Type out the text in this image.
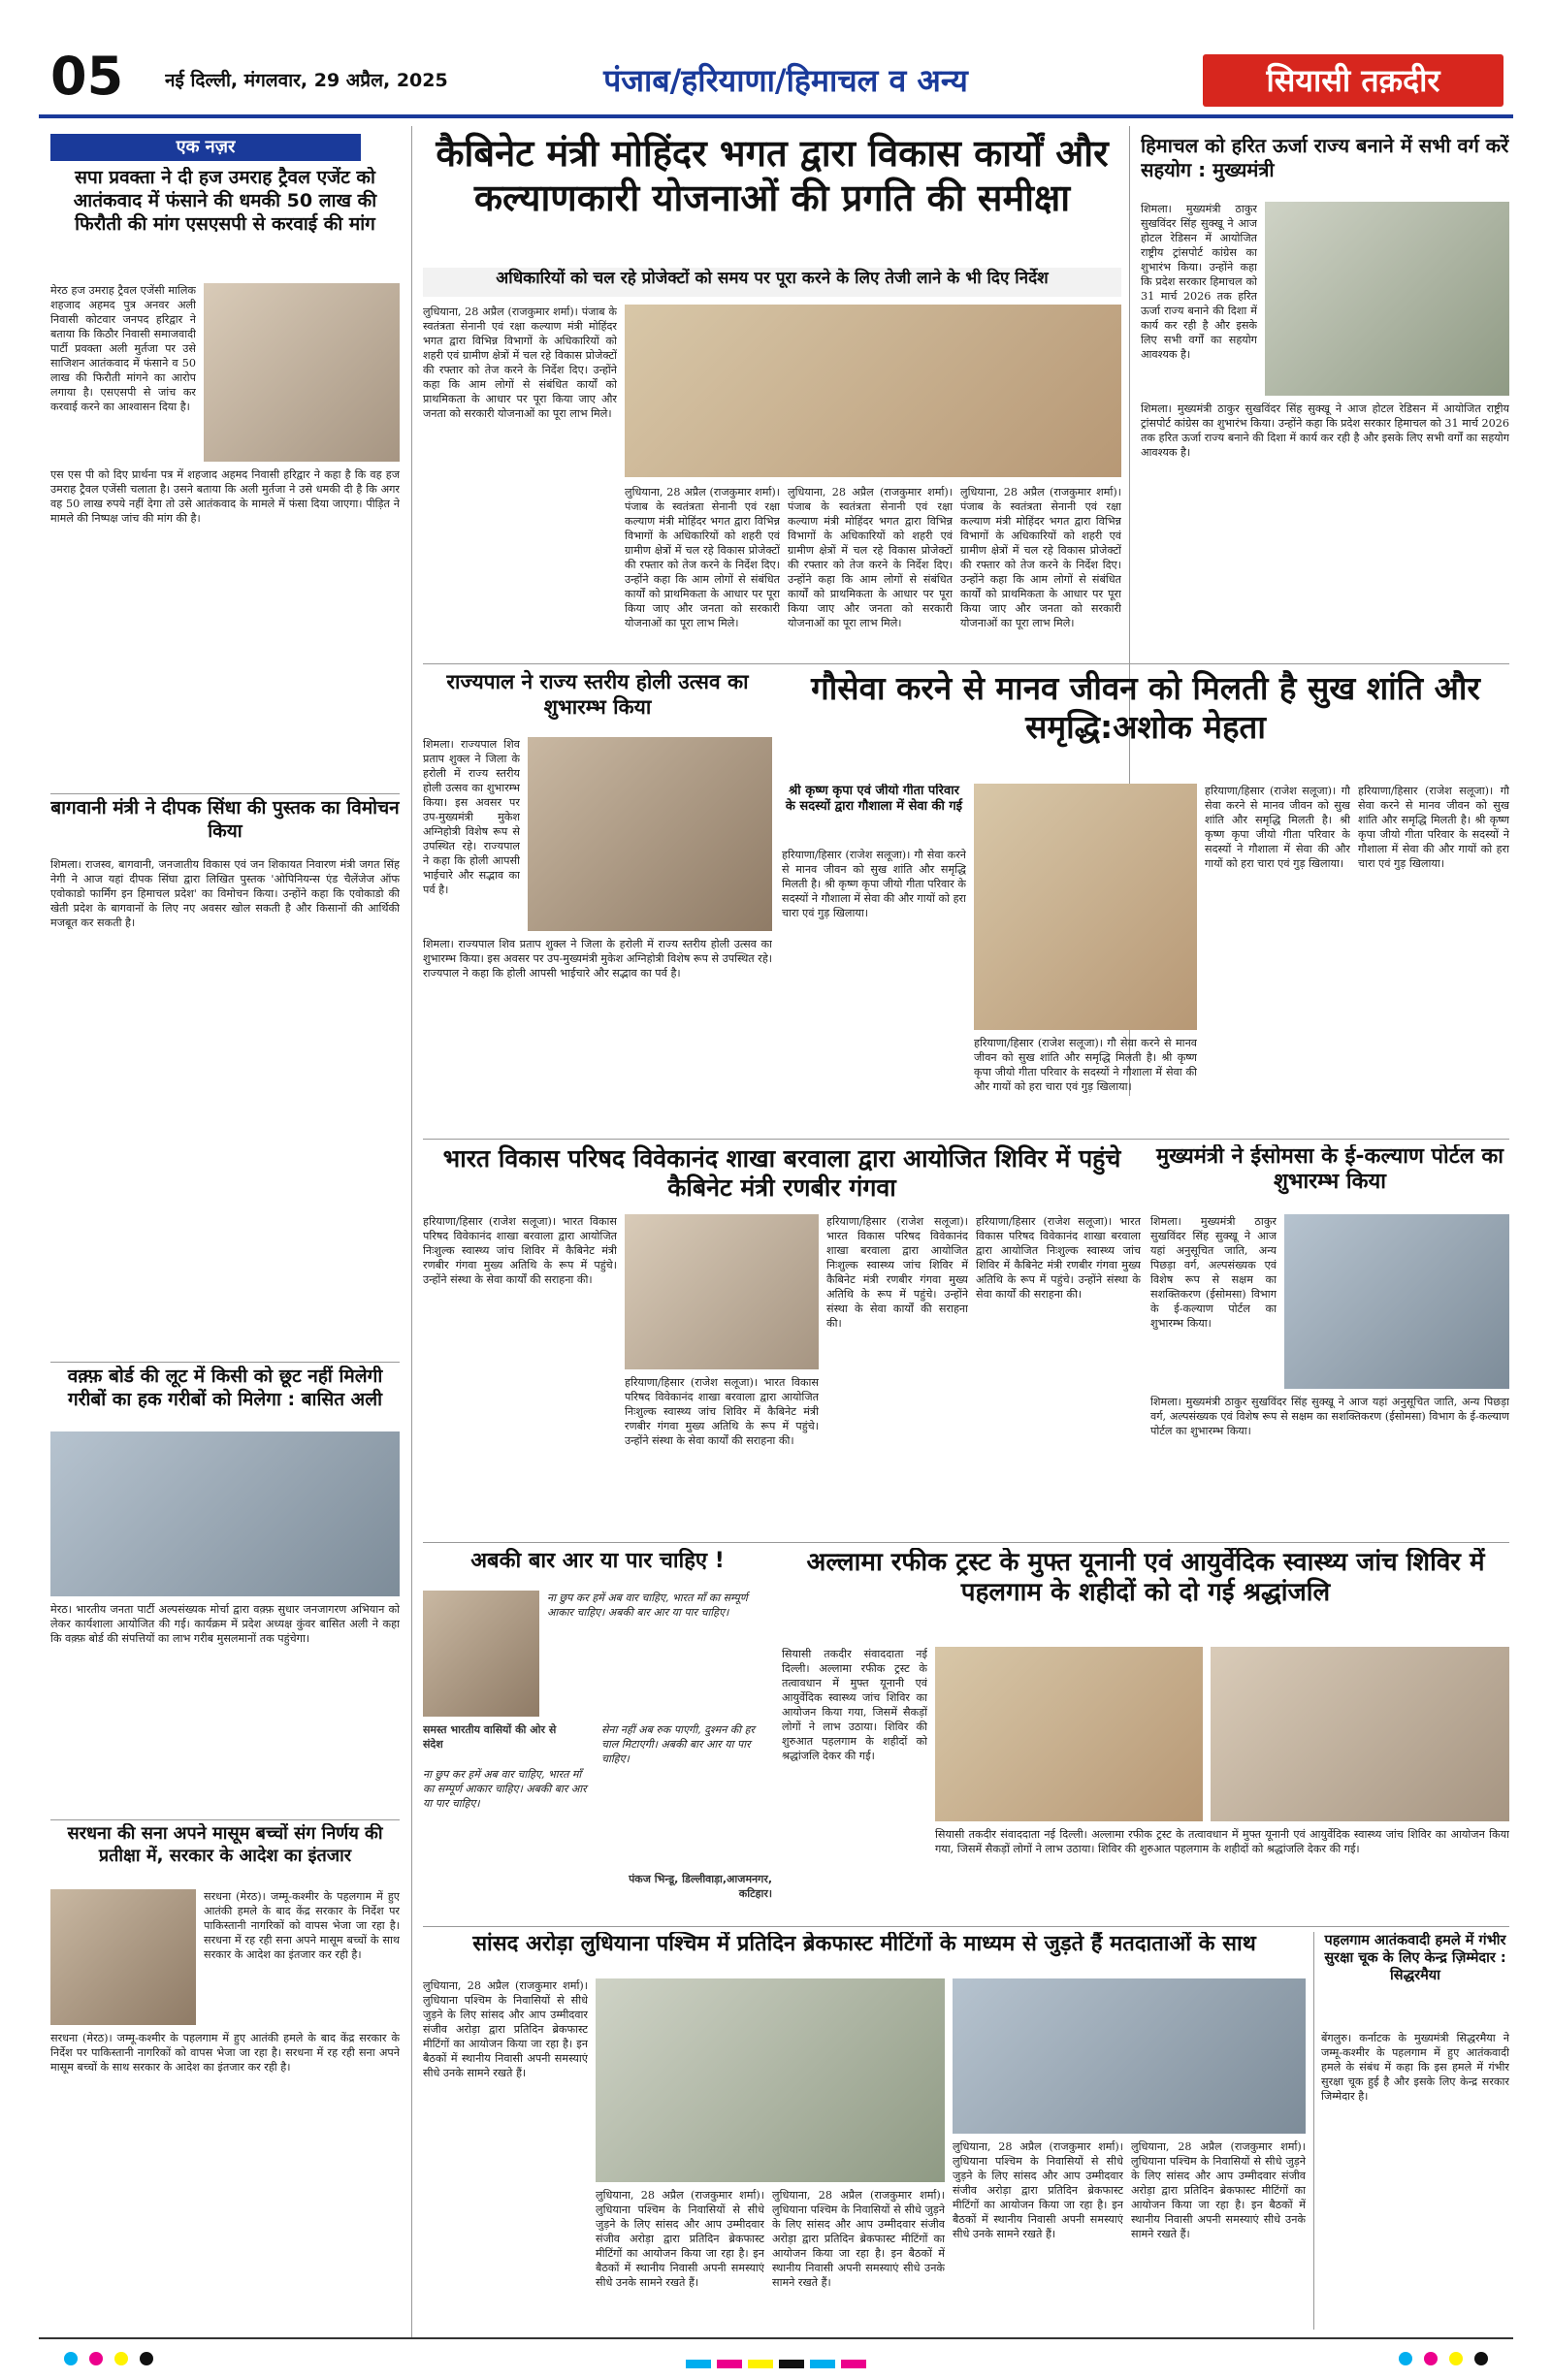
05	नई दिल्ली, मंगलवार, 29 अप्रैल, 2025	पंजाब/हरियाणा/हिमाचल व अन्य	सियासी तक़दीर
एक नज़र
सपा प्रवक्ता ने दी हज उमराह ट्रैवल एजेंट को आतंकवाद में फंसाने की धमकी 50 लाख की फिरौती की मांग एसएसपी से करवाई की मांग
मेरठ हज उमराह ट्रैवल एजेंसी मालिक शहजाद अहमद पुत्र अनवर अली निवासी कोटवार जनपद हरिद्वार ने बताया कि किठौर निवासी समाजवादी पार्टी प्रवक्ता अली मुर्तजा पर उसे साजिशन आतंकवाद में फंसाने व 50 लाख की फिरौती मांगने का आरोप लगाया है। एसएसपी से जांच कर करवाई करने का आश्वासन दिया है।
एस एस पी को दिए प्रार्थना पत्र में शहजाद अहमद निवासी हरिद्वार ने कहा है कि वह हज उमराह ट्रैवल एजेंसी चलाता है। उसने बताया कि अली मुर्तजा ने उसे धमकी दी है कि अगर वह 50 लाख रुपये नहीं देगा तो उसे आतंकवाद के मामले में फंसा दिया जाएगा। पीड़ित ने मामले की निष्पक्ष जांच की मांग की है।
बागवानी मंत्री ने दीपक सिंधा की पुस्तक का विमोचन किया
शिमला। राजस्व, बागवानी, जनजातीय विकास एवं जन शिकायत निवारण मंत्री जगत सिंह नेगी ने आज यहां दीपक सिंघा द्वारा लिखित पुस्तक 'ओपिनियन्स एंड चैलेंजेज ऑफ एवोकाडो फार्मिंग इन हिमाचल प्रदेश' का विमोचन किया। उन्होंने कहा कि एवोकाडो की खेती प्रदेश के बागवानों के लिए नए अवसर खोल सकती है और किसानों की आर्थिकी मजबूत कर सकती है।
वक़्फ़ बोर्ड की लूट में किसी को छूट नहीं मिलेगी गरीबों का हक गरीबों को मिलेगा : बासित अली
मेरठ। भारतीय जनता पार्टी अल्पसंख्यक मोर्चा द्वारा वक़्फ़ सुधार जनजागरण अभियान को लेकर कार्यशाला आयोजित की गई। कार्यक्रम में प्रदेश अध्यक्ष कुंवर बासित अली ने कहा कि वक़्फ़ बोर्ड की संपत्तियों का लाभ गरीब मुसलमानों तक पहुंचेगा।
सरधना की सना अपने मासूम बच्चों संग निर्णय की प्रतीक्षा में, सरकार के आदेश का इंतजार
सरधना (मेरठ)। जम्मू-कश्मीर के पहलगाम में हुए आतंकी हमले के बाद केंद्र सरकार के निर्देश पर पाकिस्तानी नागरिकों को वापस भेजा जा रहा है। सरधना में रह रही सना अपने मासूम बच्चों के साथ सरकार के आदेश का इंतजार कर रही है।
सरधना (मेरठ)। जम्मू-कश्मीर के पहलगाम में हुए आतंकी हमले के बाद केंद्र सरकार के निर्देश पर पाकिस्तानी नागरिकों को वापस भेजा जा रहा है। सरधना में रह रही सना अपने मासूम बच्चों के साथ सरकार के आदेश का इंतजार कर रही है।
कैबिनेट मंत्री मोहिंदर भगत द्वारा विकास कार्यों और कल्याणकारी योजनाओं की प्रगति की समीक्षा
अधिकारियों को चल रहे प्रोजेक्टों को समय पर पूरा करने के लिए तेजी लाने के भी दिए निर्देश
लुधियाना, 28 अप्रैल (राजकुमार शर्मा)। पंजाब के स्वतंत्रता सेनानी एवं रक्षा कल्याण मंत्री मोहिंदर भगत द्वारा विभिन्न विभागों के अधिकारियों को शहरी एवं ग्रामीण क्षेत्रों में चल रहे विकास प्रोजेक्टों की रफ्तार को तेज करने के निर्देश दिए। उन्होंने कहा कि आम लोगों से संबंधित कार्यों को प्राथमिकता के आधार पर पूरा किया जाए और जनता को सरकारी योजनाओं का पूरा लाभ मिले।
लुधियाना, 28 अप्रैल (राजकुमार शर्मा)। पंजाब के स्वतंत्रता सेनानी एवं रक्षा कल्याण मंत्री मोहिंदर भगत द्वारा विभिन्न विभागों के अधिकारियों को शहरी एवं ग्रामीण क्षेत्रों में चल रहे विकास प्रोजेक्टों की रफ्तार को तेज करने के निर्देश दिए। उन्होंने कहा कि आम लोगों से संबंधित कार्यों को प्राथमिकता के आधार पर पूरा किया जाए और जनता को सरकारी योजनाओं का पूरा लाभ मिले।
लुधियाना, 28 अप्रैल (राजकुमार शर्मा)। पंजाब के स्वतंत्रता सेनानी एवं रक्षा कल्याण मंत्री मोहिंदर भगत द्वारा विभिन्न विभागों के अधिकारियों को शहरी एवं ग्रामीण क्षेत्रों में चल रहे विकास प्रोजेक्टों की रफ्तार को तेज करने के निर्देश दिए। उन्होंने कहा कि आम लोगों से संबंधित कार्यों को प्राथमिकता के आधार पर पूरा किया जाए और जनता को सरकारी योजनाओं का पूरा लाभ मिले।
लुधियाना, 28 अप्रैल (राजकुमार शर्मा)। पंजाब के स्वतंत्रता सेनानी एवं रक्षा कल्याण मंत्री मोहिंदर भगत द्वारा विभिन्न विभागों के अधिकारियों को शहरी एवं ग्रामीण क्षेत्रों में चल रहे विकास प्रोजेक्टों की रफ्तार को तेज करने के निर्देश दिए। उन्होंने कहा कि आम लोगों से संबंधित कार्यों को प्राथमिकता के आधार पर पूरा किया जाए और जनता को सरकारी योजनाओं का पूरा लाभ मिले।
हिमाचल को हरित ऊर्जा राज्य बनाने में सभी वर्ग करें सहयोग : मुख्यमंत्री
शिमला। मुख्यमंत्री ठाकुर सुखविंदर सिंह सुक्खू ने आज होटल रेडिसन में आयोजित राष्ट्रीय ट्रांसपोर्ट कांग्रेस का शुभारंभ किया। उन्होंने कहा कि प्रदेश सरकार हिमाचल को 31 मार्च 2026 तक हरित ऊर्जा राज्य बनाने की दिशा में कार्य कर रही है और इसके लिए सभी वर्गों का सहयोग आवश्यक है।
शिमला। मुख्यमंत्री ठाकुर सुखविंदर सिंह सुक्खू ने आज होटल रेडिसन में आयोजित राष्ट्रीय ट्रांसपोर्ट कांग्रेस का शुभारंभ किया। उन्होंने कहा कि प्रदेश सरकार हिमाचल को 31 मार्च 2026 तक हरित ऊर्जा राज्य बनाने की दिशा में कार्य कर रही है और इसके लिए सभी वर्गों का सहयोग आवश्यक है।
राज्यपाल ने राज्य स्तरीय होली उत्सव का शुभारम्भ किया
शिमला। राज्यपाल शिव प्रताप शुक्ल ने जिला के हरोली में राज्य स्तरीय होली उत्सव का शुभारम्भ किया। इस अवसर पर उप-मुख्यमंत्री मुकेश अग्निहोत्री विशेष रूप से उपस्थित रहे। राज्यपाल ने कहा कि होली आपसी भाईचारे और सद्भाव का पर्व है।
शिमला। राज्यपाल शिव प्रताप शुक्ल ने जिला के हरोली में राज्य स्तरीय होली उत्सव का शुभारम्भ किया। इस अवसर पर उप-मुख्यमंत्री मुकेश अग्निहोत्री विशेष रूप से उपस्थित रहे। राज्यपाल ने कहा कि होली आपसी भाईचारे और सद्भाव का पर्व है।
गौसेवा करने से मानव जीवन को मिलती है सुख शांति और समृद्धि:अशोक मेहता
श्री कृष्ण कृपा एवं जीयो गीता परिवार के सदस्यों द्वारा गौशाला में सेवा की गई
हरियाणा/हिसार (राजेश सलूजा)। गौ सेवा करने से मानव जीवन को सुख शांति और समृद्धि मिलती है। श्री कृष्ण कृपा जीयो गीता परिवार के सदस्यों ने गौशाला में सेवा की और गायों को हरा चारा एवं गुड़ खिलाया।
हरियाणा/हिसार (राजेश सलूजा)। गौ सेवा करने से मानव जीवन को सुख शांति और समृद्धि मिलती है। श्री कृष्ण कृपा जीयो गीता परिवार के सदस्यों ने गौशाला में सेवा की और गायों को हरा चारा एवं गुड़ खिलाया।
हरियाणा/हिसार (राजेश सलूजा)। गौ सेवा करने से मानव जीवन को सुख शांति और समृद्धि मिलती है। श्री कृष्ण कृपा जीयो गीता परिवार के सदस्यों ने गौशाला में सेवा की और गायों को हरा चारा एवं गुड़ खिलाया।
हरियाणा/हिसार (राजेश सलूजा)। गौ सेवा करने से मानव जीवन को सुख शांति और समृद्धि मिलती है। श्री कृष्ण कृपा जीयो गीता परिवार के सदस्यों ने गौशाला में सेवा की और गायों को हरा चारा एवं गुड़ खिलाया।
भारत विकास परिषद विवेकानंद शाखा बरवाला द्वारा आयोजित शिविर में पहुंचे कैबिनेट मंत्री रणबीर गंगवा
हरियाणा/हिसार (राजेश सलूजा)। भारत विकास परिषद विवेकानंद शाखा बरवाला द्वारा आयोजित निःशुल्क स्वास्थ्य जांच शिविर में कैबिनेट मंत्री रणबीर गंगवा मुख्य अतिथि के रूप में पहुंचे। उन्होंने संस्था के सेवा कार्यों की सराहना की।
हरियाणा/हिसार (राजेश सलूजा)। भारत विकास परिषद विवेकानंद शाखा बरवाला द्वारा आयोजित निःशुल्क स्वास्थ्य जांच शिविर में कैबिनेट मंत्री रणबीर गंगवा मुख्य अतिथि के रूप में पहुंचे। उन्होंने संस्था के सेवा कार्यों की सराहना की।
हरियाणा/हिसार (राजेश सलूजा)। भारत विकास परिषद विवेकानंद शाखा बरवाला द्वारा आयोजित निःशुल्क स्वास्थ्य जांच शिविर में कैबिनेट मंत्री रणबीर गंगवा मुख्य अतिथि के रूप में पहुंचे। उन्होंने संस्था के सेवा कार्यों की सराहना की।
हरियाणा/हिसार (राजेश सलूजा)। भारत विकास परिषद विवेकानंद शाखा बरवाला द्वारा आयोजित निःशुल्क स्वास्थ्य जांच शिविर में कैबिनेट मंत्री रणबीर गंगवा मुख्य अतिथि के रूप में पहुंचे। उन्होंने संस्था के सेवा कार्यों की सराहना की।
मुख्यमंत्री ने ईसोमसा के ई-कल्याण पोर्टल का शुभारम्भ किया
शिमला। मुख्यमंत्री ठाकुर सुखविंदर सिंह सुक्खू ने आज यहां अनुसूचित जाति, अन्य पिछड़ा वर्ग, अल्पसंख्यक एवं विशेष रूप से सक्षम का सशक्तिकरण (ईसोमसा) विभाग के ई-कल्याण पोर्टल का शुभारम्भ किया।
शिमला। मुख्यमंत्री ठाकुर सुखविंदर सिंह सुक्खू ने आज यहां अनुसूचित जाति, अन्य पिछड़ा वर्ग, अल्पसंख्यक एवं विशेष रूप से सक्षम का सशक्तिकरण (ईसोमसा) विभाग के ई-कल्याण पोर्टल का शुभारम्भ किया।
अबकी बार आर या पार चाहिए !
ना छुप कर हमें अब वार चाहिए, भारत माँ का सम्पूर्ण आकार चाहिए। अबकी बार आर या पार चाहिए।
समस्त भारतीय वासियों की ओर से संदेश
ना छुप कर हमें अब वार चाहिए, भारत माँ का सम्पूर्ण आकार चाहिए। अबकी बार आर या पार चाहिए।
सेना नहीं अब रुक पाएगी, दुश्मन की हर चाल मिटाएगी। अबकी बार आर या पार चाहिए।
पंकज भिन्डू, डिल्लीवाड़ा,आजमनगर, कटिहार।
अल्लामा रफीक ट्रस्ट के मुफ्त यूनानी एवं आयुर्वेदिक स्वास्थ्य जांच शिविर में पहलगाम के शहीदों को दो गई श्रद्धांजलि
सियासी तकदीर संवाददाता नई दिल्ली। अल्लामा रफीक ट्रस्ट के तत्वावधान में मुफ्त यूनानी एवं आयुर्वेदिक स्वास्थ्य जांच शिविर का आयोजन किया गया, जिसमें सैकड़ों लोगों ने लाभ उठाया। शिविर की शुरुआत पहलगाम के शहीदों को श्रद्धांजलि देकर की गई।
सियासी तकदीर संवाददाता नई दिल्ली। अल्लामा रफीक ट्रस्ट के तत्वावधान में मुफ्त यूनानी एवं आयुर्वेदिक स्वास्थ्य जांच शिविर का आयोजन किया गया, जिसमें सैकड़ों लोगों ने लाभ उठाया। शिविर की शुरुआत पहलगाम के शहीदों को श्रद्धांजलि देकर की गई।
सांसद अरोड़ा लुधियाना पश्चिम में प्रतिदिन ब्रेकफास्ट मीटिंगों के माध्यम से जुड़ते हैं मतदाताओं के साथ
लुधियाना, 28 अप्रैल (राजकुमार शर्मा)। लुधियाना पश्चिम के निवासियों से सीधे जुड़ने के लिए सांसद और आप उम्मीदवार संजीव अरोड़ा द्वारा प्रतिदिन ब्रेकफास्ट मीटिंगों का आयोजन किया जा रहा है। इन बैठकों में स्थानीय निवासी अपनी समस्याएं सीधे उनके सामने रखते हैं।
लुधियाना, 28 अप्रैल (राजकुमार शर्मा)। लुधियाना पश्चिम के निवासियों से सीधे जुड़ने के लिए सांसद और आप उम्मीदवार संजीव अरोड़ा द्वारा प्रतिदिन ब्रेकफास्ट मीटिंगों का आयोजन किया जा रहा है। इन बैठकों में स्थानीय निवासी अपनी समस्याएं सीधे उनके सामने रखते हैं।
लुधियाना, 28 अप्रैल (राजकुमार शर्मा)। लुधियाना पश्चिम के निवासियों से सीधे जुड़ने के लिए सांसद और आप उम्मीदवार संजीव अरोड़ा द्वारा प्रतिदिन ब्रेकफास्ट मीटिंगों का आयोजन किया जा रहा है। इन बैठकों में स्थानीय निवासी अपनी समस्याएं सीधे उनके सामने रखते हैं।
लुधियाना, 28 अप्रैल (राजकुमार शर्मा)। लुधियाना पश्चिम के निवासियों से सीधे जुड़ने के लिए सांसद और आप उम्मीदवार संजीव अरोड़ा द्वारा प्रतिदिन ब्रेकफास्ट मीटिंगों का आयोजन किया जा रहा है। इन बैठकों में स्थानीय निवासी अपनी समस्याएं सीधे उनके सामने रखते हैं।
लुधियाना, 28 अप्रैल (राजकुमार शर्मा)। लुधियाना पश्चिम के निवासियों से सीधे जुड़ने के लिए सांसद और आप उम्मीदवार संजीव अरोड़ा द्वारा प्रतिदिन ब्रेकफास्ट मीटिंगों का आयोजन किया जा रहा है। इन बैठकों में स्थानीय निवासी अपनी समस्याएं सीधे उनके सामने रखते हैं।
पहलगाम आतंकवादी हमले में गंभीर सुरक्षा चूक के लिए केन्द्र ज़िम्मेदार : सिद्धरमैया
बेंगलुरु। कर्नाटक के मुख्यमंत्री सिद्धरमैया ने जम्मू-कश्मीर के पहलगाम में हुए आतंकवादी हमले के संबंध में कहा कि इस हमले में गंभीर सुरक्षा चूक हुई है और इसके लिए केन्द्र सरकार जिम्मेदार है।
